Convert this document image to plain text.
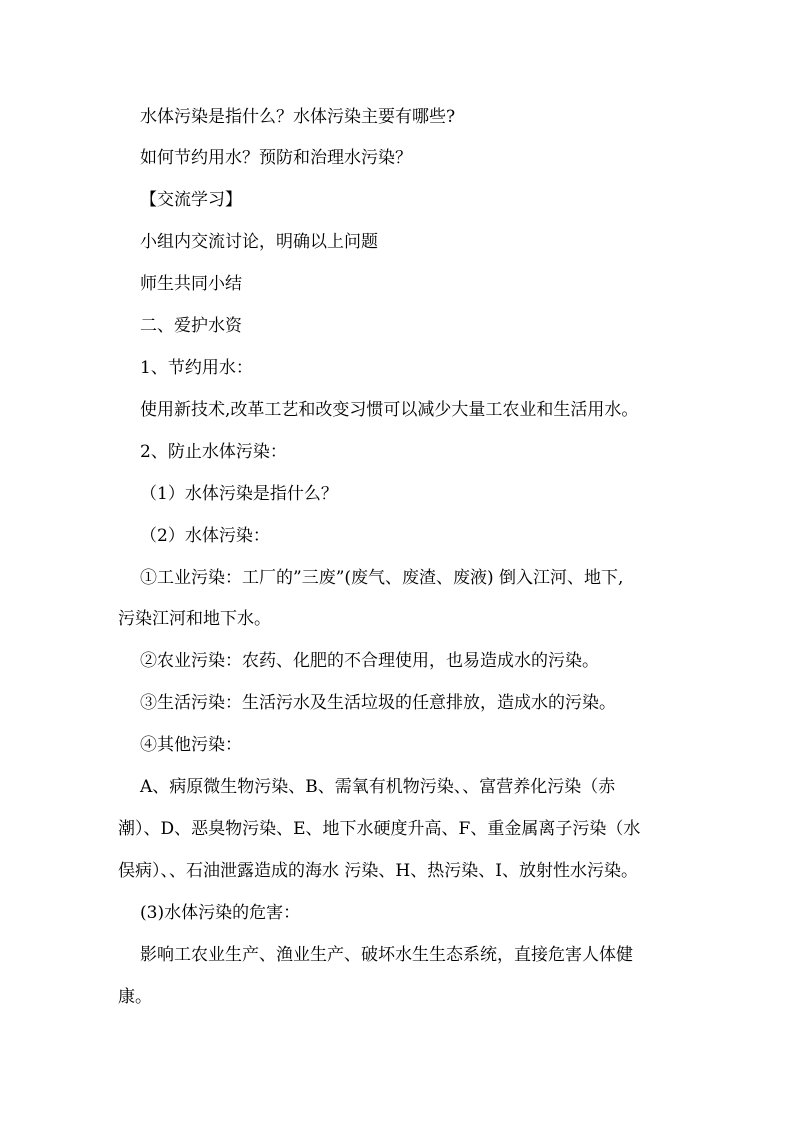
水体污染是指什么？水体污染主要有哪些?
如何节约用水？预防和治理水污染？
【交流学习】
小组内交流讨论，明确以上问题
师生共同小结
二、爱护水资
1、节约用水：
使用新技术,改革工艺和改变习惯可以减少大量工农业和生活用水。
2、防止水体污染：
（1）水体污染是指什么？
（2）水体污染：
①工业污染：工厂的”三废”(废气、废渣、废液) 倒入江河、地下,
污染江河和地下水。
②农业污染：农药、化肥的不合理使用，也易造成水的污染。
③生活污染：生活污水及生活垃圾的任意排放，造成水的污染。
④其他污染：
A、病原微生物污染、B、需氧有机物污染、、富营养化污染（赤
潮）、D、恶臭物污染、E、地下水硬度升高、F、重金属离子污染（水
俣病）、、石油泄露造成的海水 污染、H、热污染、I、放射性水污染。
(3)水体污染的危害：
影响工农业生产、渔业生产、破坏水生生态系统，直接危害人体健
康。
